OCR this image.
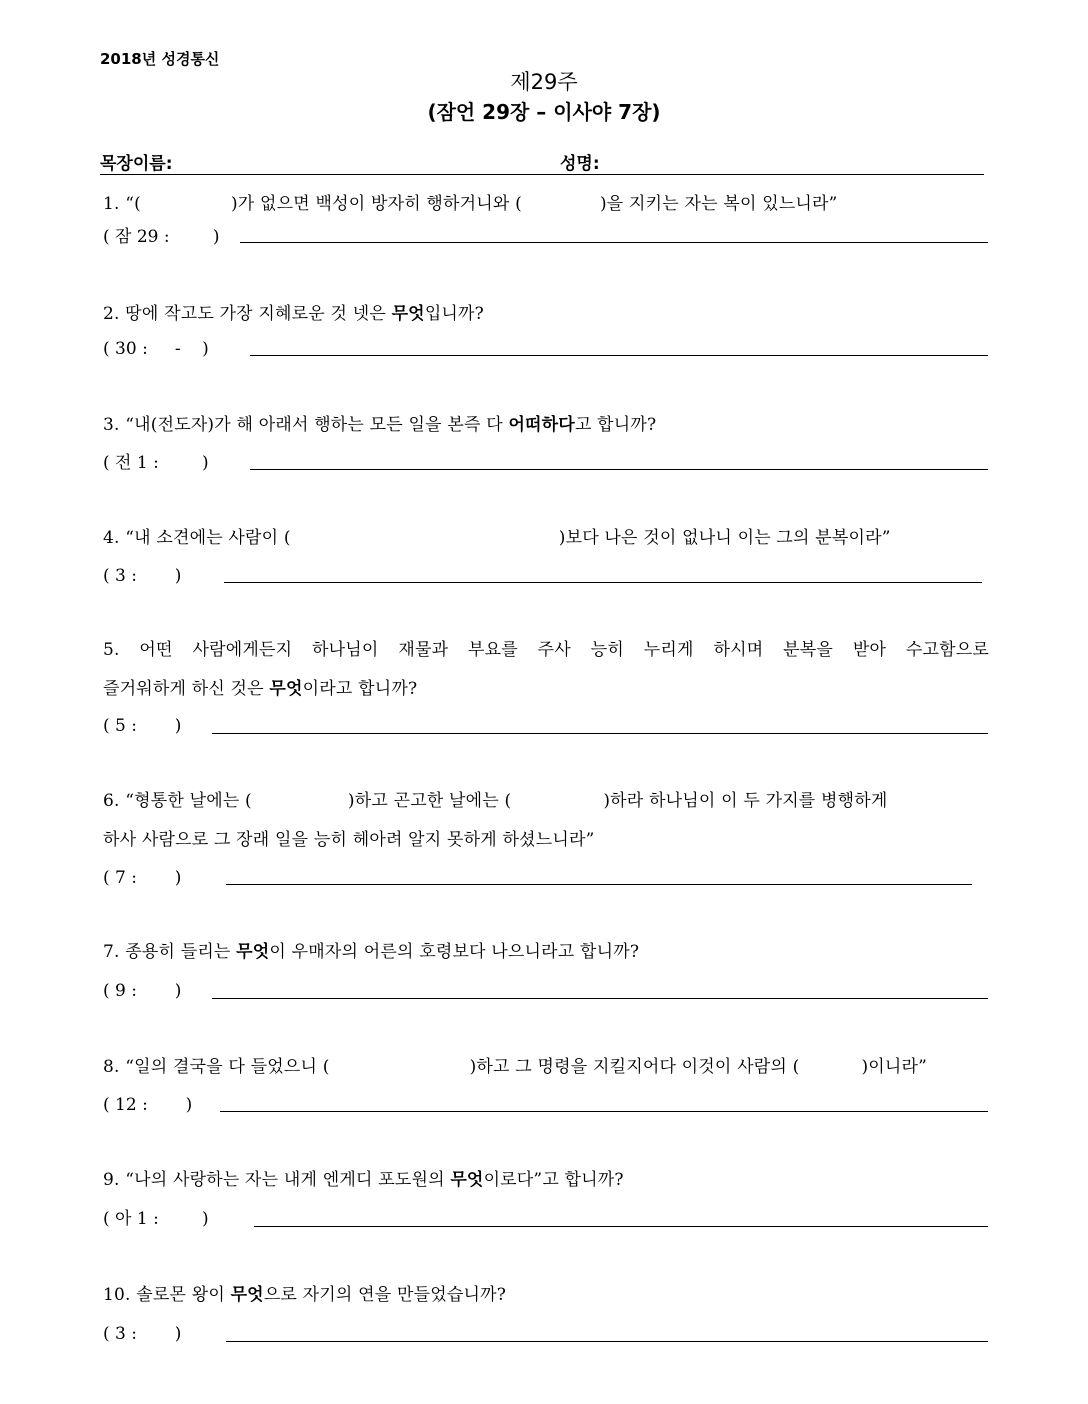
2018년 성경통신
제29주
(잠언 29장 – 이사야 7장)
목장이름:	성명:
1. “(	)가 없으면 백성이 방자히 행하거니와 (	)을 지키는 자는 복이 있느니라”
( 잠 29 :        )
2. 땅에 작고도 가장 지혜로운 것 넷은 무엇입니까?
( 30 :     -    )
3. “내(전도자)가 해 아래서 행하는 모든 일을 본즉 다 어떠하다고 합니까?
( 전 1 :        )
4. “내 소견에는 사람이 (	)보다 나은 것이 없나니 이는 그의 분복이라”
( 3 :       )
5. 어떤 사람에게든지 하나님이 재물과 부요를 주사 능히 누리게 하시며 분복을 받아 수고함으로
즐거워하게 하신 것은 무엇이라고 합니까?
( 5 :       )
6. “형통한 날에는 (	)하고 곤고한 날에는 (	)하라 하나님이 이 두 가지를 병행하게
하사 사람으로 그 장래 일을 능히 헤아려 알지 못하게 하셨느니라”
( 7 :       )
7. 종용히 들리는 무엇이 우매자의 어른의 호령보다 나으니라고 합니까?
( 9 :       )
8. “일의 결국을 다 들었으니 (	)하고 그 명령을 지킬지어다 이것이 사람의 (	)이니라”
( 12 :       )
9. “나의 사랑하는 자는 내게 엔게디 포도원의 무엇이로다”고 합니까?
( 아 1 :        )
10. 솔로몬 왕이 무엇으로 자기의 연을 만들었습니까?
( 3 :       )
